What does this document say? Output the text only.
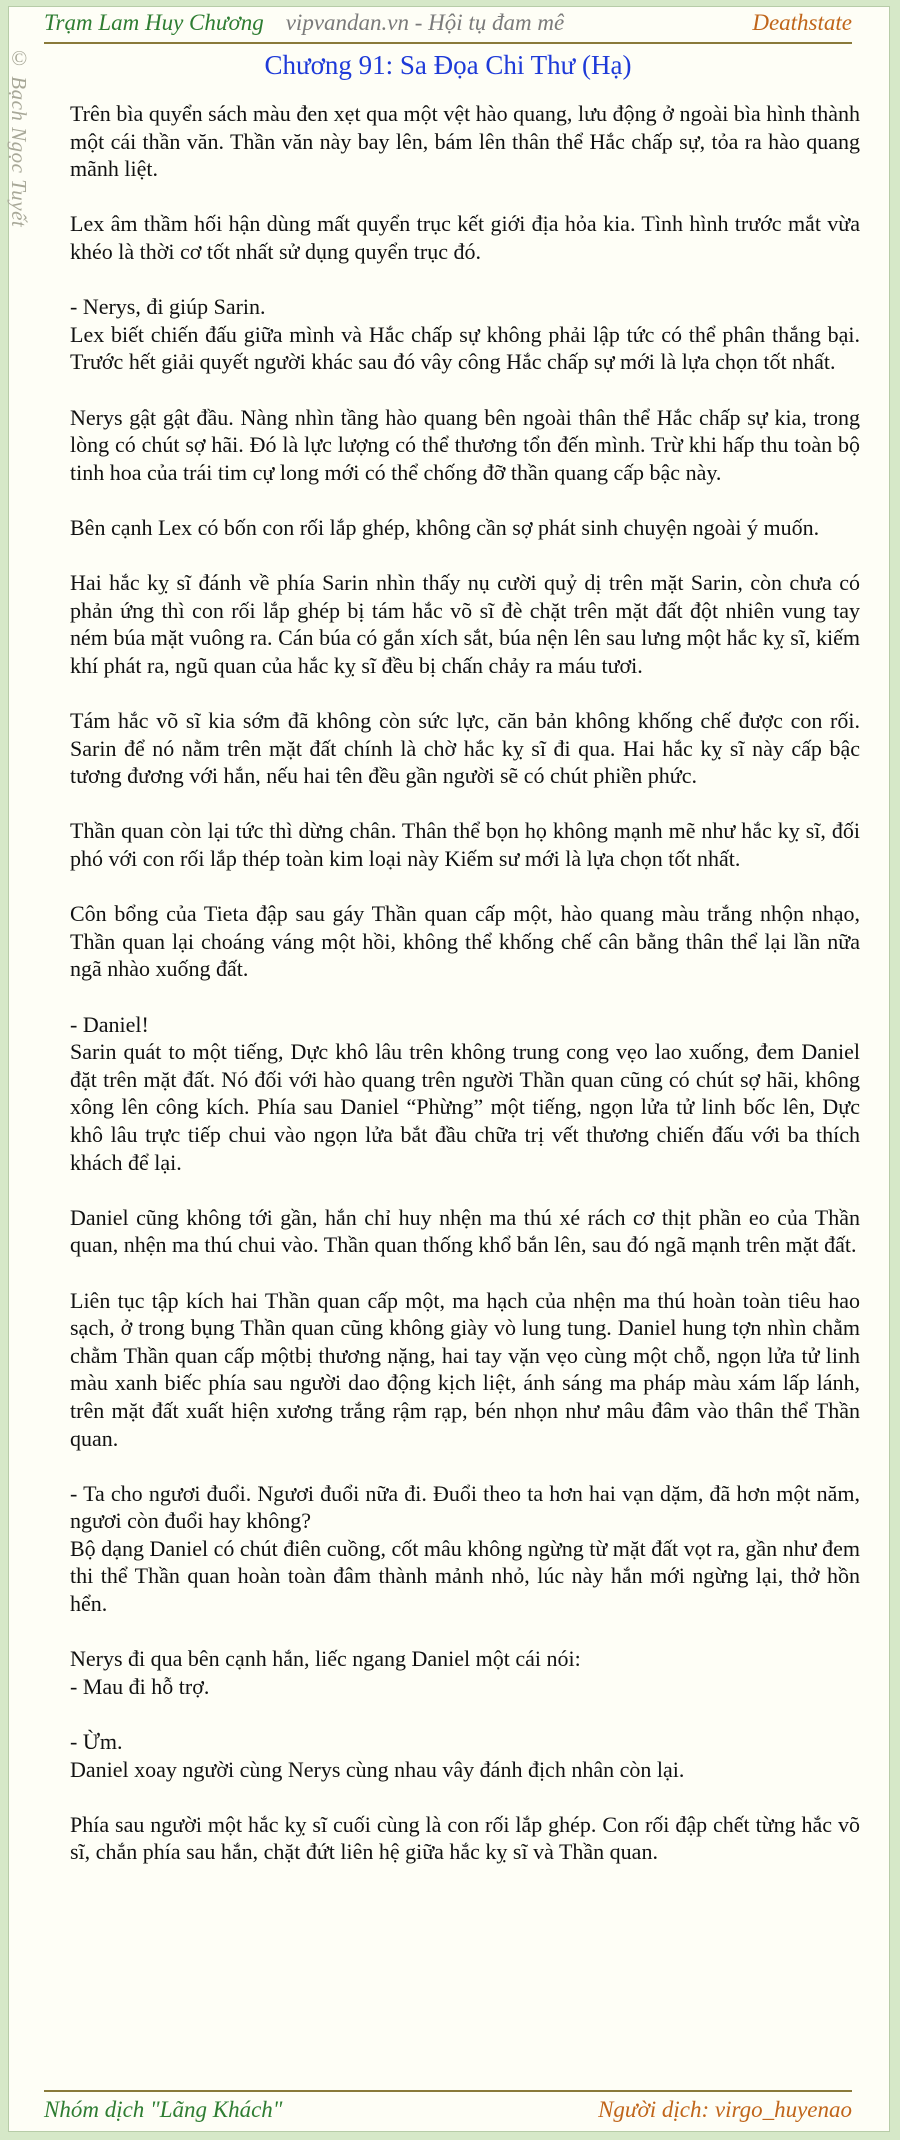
Trạm Lam Huy Chương vipvandan.vn - Hội tụ đam mê	Deathstate
© Bạch Ngọc Tuyết	Chương 91: Sa Đọa Chi Thư (Hạ)

Trên bìa quyển sách màu đen xẹt qua một vệt hào quang, lưu động ở ngoài bìa hình thành một cái thần văn. Thần văn này bay lên, bám lên thân thể Hắc chấp sự, tỏa ra hào quang mãnh liệt.

Lex âm thầm hối hận dùng mất quyển trục kết giới địa hỏa kia. Tình hình trước mắt vừa khéo là thời cơ tốt nhất sử dụng quyển trục đó.

- Nerys, đi giúp Sarin.
Lex biết chiến đấu giữa mình và Hắc chấp sự không phải lập tức có thể phân thắng bại. Trước hết giải quyết người khác sau đó vây công Hắc chấp sự mới là lựa chọn tốt nhất.

Nerys gật gật đầu. Nàng nhìn tầng hào quang bên ngoài thân thể Hắc chấp sự kia, trong lòng có chút sợ hãi. Đó là lực lượng có thể thương tổn đến mình. Trừ khi hấp thu toàn bộ tinh hoa của trái tim cự long mới có thể chống đỡ thần quang cấp bậc này.

Bên cạnh Lex có bốn con rối lắp ghép, không cần sợ phát sinh chuyện ngoài ý muốn.

Hai hắc kỵ sĩ đánh về phía Sarin nhìn thấy nụ cười quỷ dị trên mặt Sarin, còn chưa có phản ứng thì con rối lắp ghép bị tám hắc võ sĩ đè chặt trên mặt đất đột nhiên vung tay ném búa mặt vuông ra. Cán búa có gắn xích sắt, búa nện lên sau lưng một hắc kỵ sĩ, kiếm khí phát ra, ngũ quan của hắc kỵ sĩ đều bị chấn chảy ra máu tươi.

Tám hắc võ sĩ kia sớm đã không còn sức lực, căn bản không khống chế được con rối. Sarin để nó nằm trên mặt đất chính là chờ hắc kỵ sĩ đi qua. Hai hắc kỵ sĩ này cấp bậc tương đương với hắn, nếu hai tên đều gần người sẽ có chút phiền phức.

Thần quan còn lại tức thì dừng chân. Thân thể bọn họ không mạnh mẽ như hắc kỵ sĩ, đối phó với con rối lắp thép toàn kim loại này Kiếm sư mới là lựa chọn tốt nhất.

Côn bổng của Tieta đập sau gáy Thần quan cấp một, hào quang màu trắng nhộn nhạo, Thần quan lại choáng váng một hồi, không thể khống chế cân bằng thân thể lại lần nữa ngã nhào xuống đất.

- Daniel!
Sarin quát to một tiếng, Dực khô lâu trên không trung cong vẹo lao xuống, đem Daniel đặt trên mặt đất. Nó đối với hào quang trên người Thần quan cũng có chút sợ hãi, không xông lên công kích. Phía sau Daniel “Phừng” một tiếng, ngọn lửa tử linh bốc lên, Dực khô lâu trực tiếp chui vào ngọn lửa bắt đầu chữa trị vết thương chiến đấu với ba thích khách để lại.

Daniel cũng không tới gần, hắn chỉ huy nhện ma thú xé rách cơ thịt phần eo của Thần quan, nhện ma thú chui vào. Thần quan thống khổ bắn lên, sau đó ngã mạnh trên mặt đất.

Liên tục tập kích hai Thần quan cấp một, ma hạch của nhện ma thú hoàn toàn tiêu hao sạch, ở trong bụng Thần quan cũng không giày vò lung tung. Daniel hung tợn nhìn chằm chằm Thần quan cấp mộtbị thương nặng, hai tay vặn vẹo cùng một chỗ, ngọn lửa tử linh màu xanh biếc phía sau người dao động kịch liệt, ánh sáng ma pháp màu xám lấp lánh, trên mặt đất xuất hiện xương trắng rậm rạp, bén nhọn như mâu đâm vào thân thể Thần quan.

- Ta cho ngươi đuổi. Ngươi đuổi nữa đi. Đuổi theo ta hơn hai vạn dặm, đã hơn một năm, ngươi còn đuổi hay không?
Bộ dạng Daniel có chút điên cuồng, cốt mâu không ngừng từ mặt đất vọt ra, gần như đem thi thể Thần quan hoàn toàn đâm thành mảnh nhỏ, lúc này hắn mới ngừng lại, thở hồn hển.

Nerys đi qua bên cạnh hắn, liếc ngang Daniel một cái nói:
- Mau đi hỗ trợ.

- Ừm.
Daniel xoay người cùng Nerys cùng nhau vây đánh địch nhân còn lại.

Phía sau người một hắc kỵ sĩ cuối cùng là con rối lắp ghép. Con rối đập chết từng hắc võ sĩ, chắn phía sau hắn, chặt đứt liên hệ giữa hắc kỵ sĩ và Thần quan.

Nhóm dịch "Lãng Khách"	Người dịch: virgo_huyenao
